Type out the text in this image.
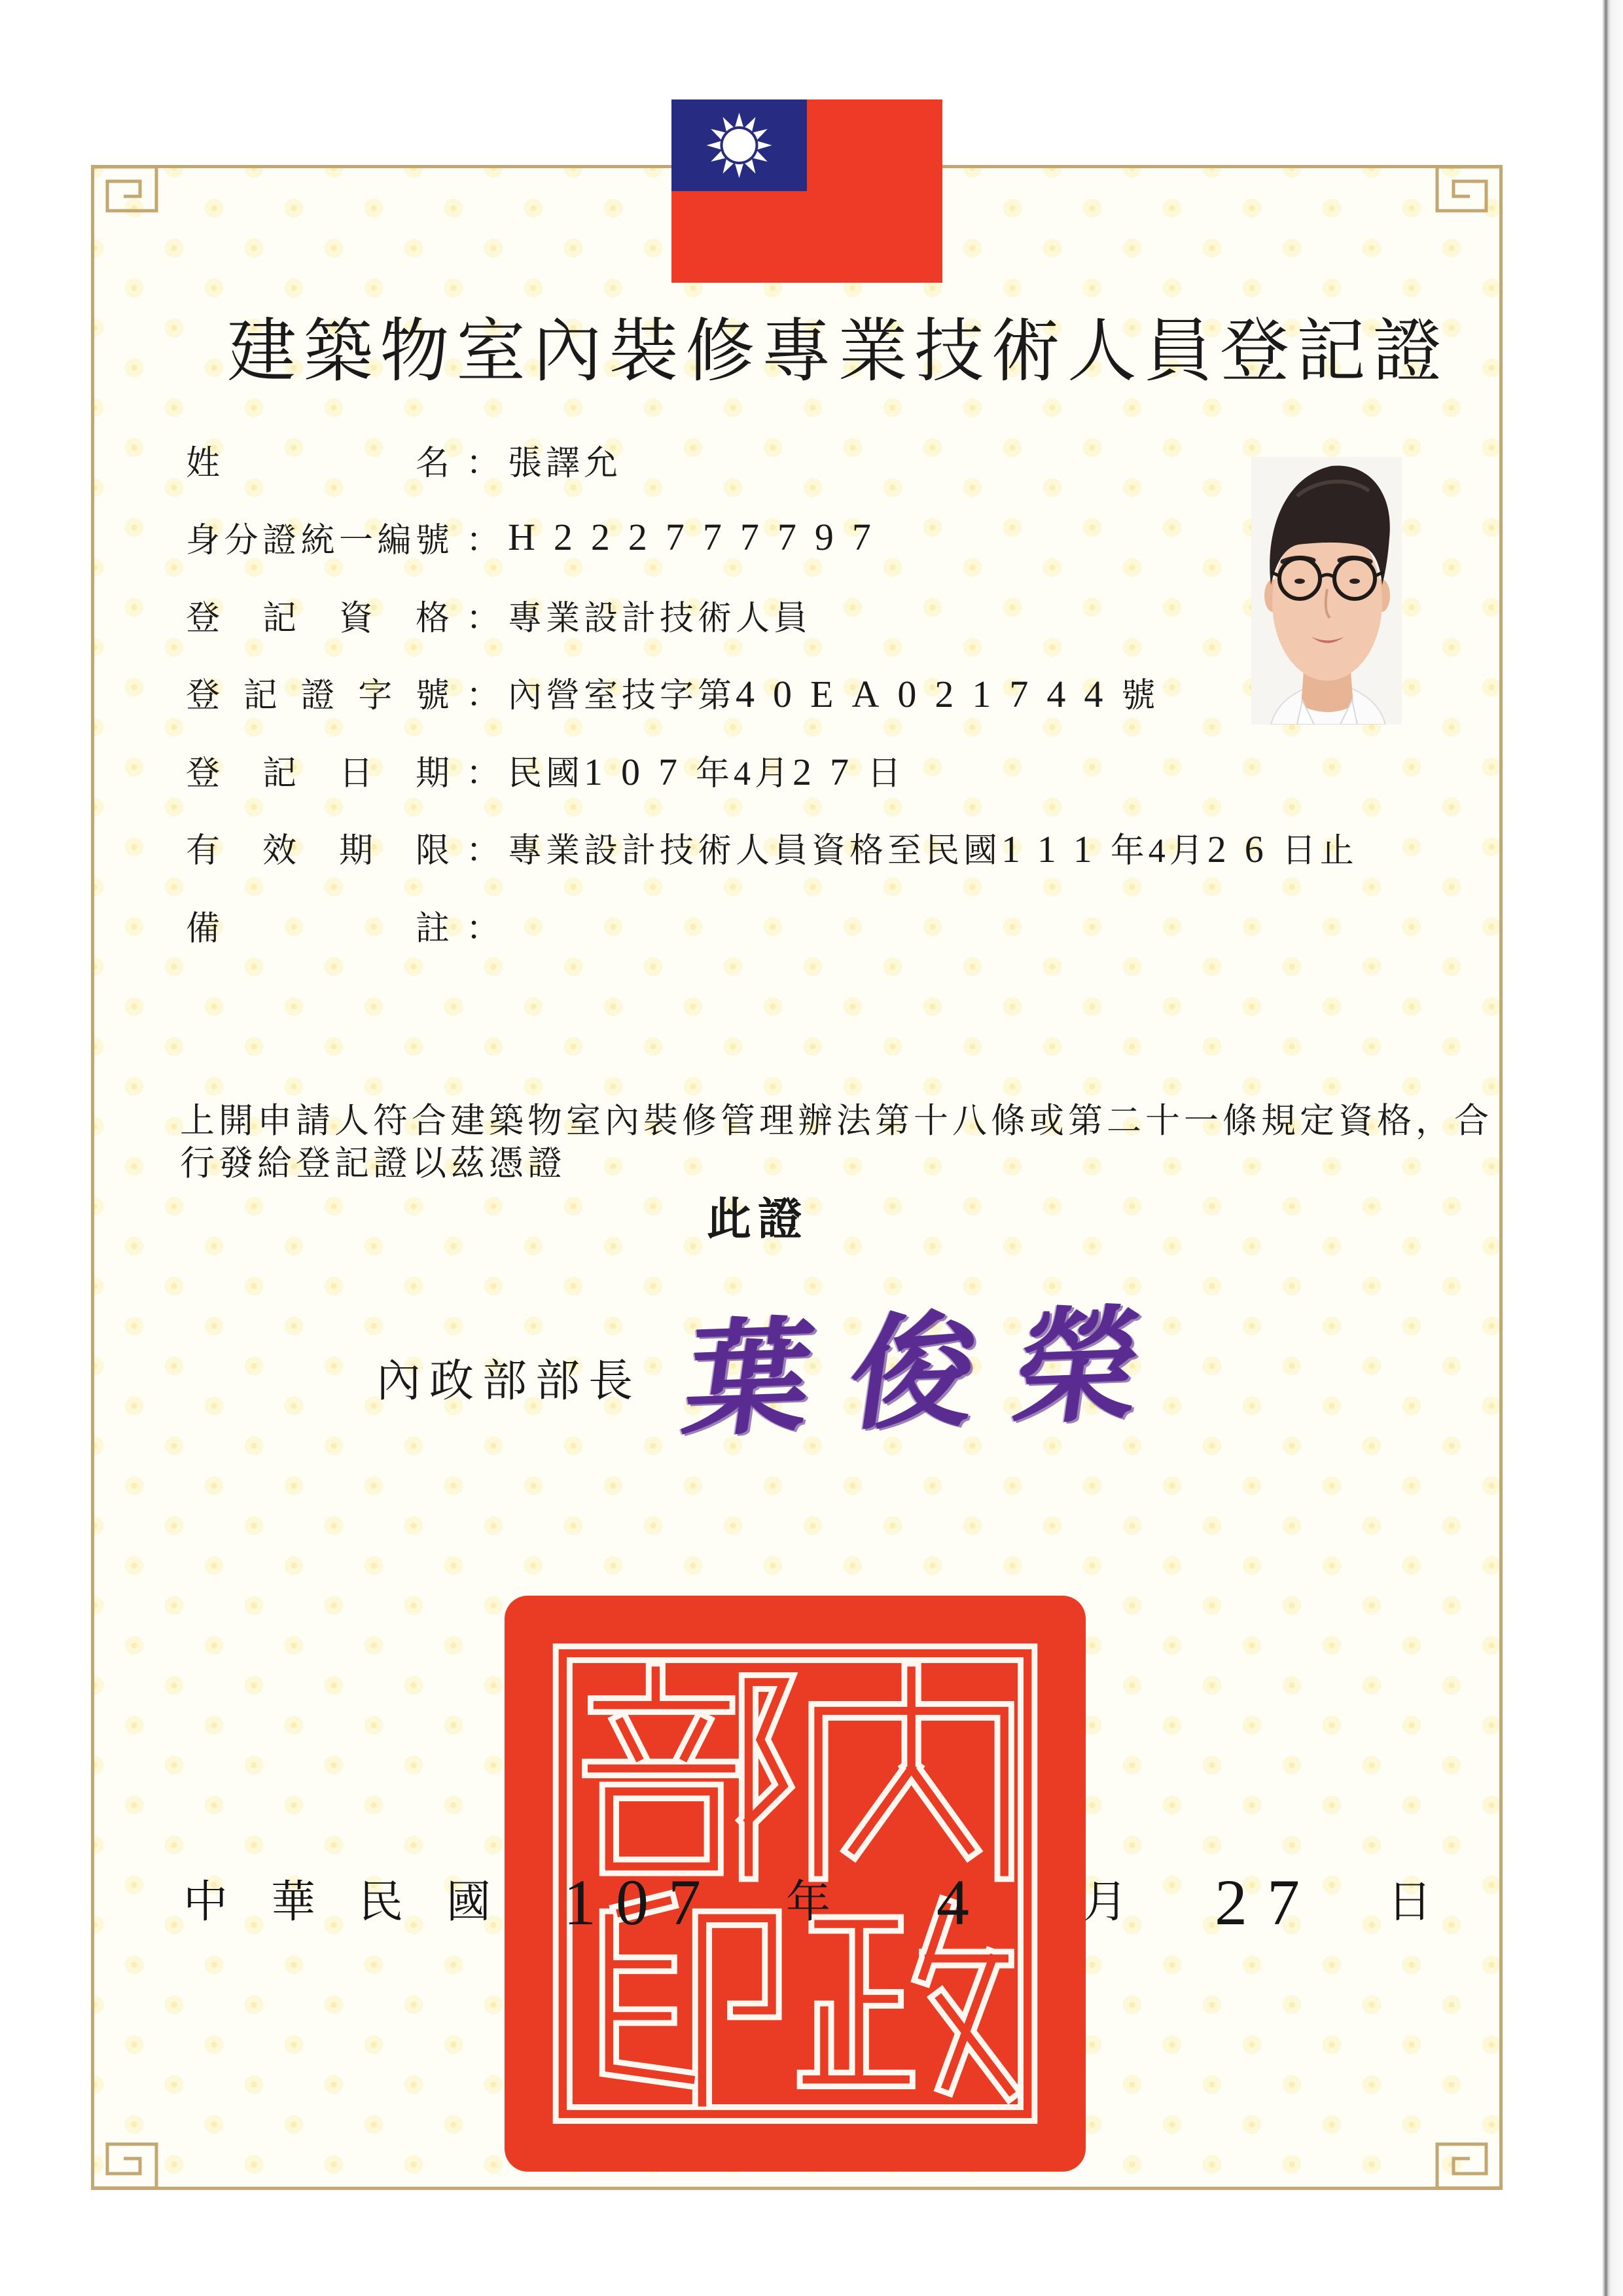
建築物室內裝修專業技術人員登記證
姓	名 ： 張譯允
身 分 證 統 一 編 號 ： H222777797
登 記 資 格 ： 專業設計技術人員
登 記 證 字 號 ： 內營室技字第40EA021744號
登 記 日 期 ： 民國107年4月27日
有 效 期 限 ： 專業設計技術人員資格至民國111年4月26日止
備	註 ：
上開申請人符合建築物室內裝修管理辦法第十八條或第二十一條規定資格，合
行發給登記證以茲憑證
此證
內政部部長 葉俊榮
中華民國 107 年 4 月 27 日
